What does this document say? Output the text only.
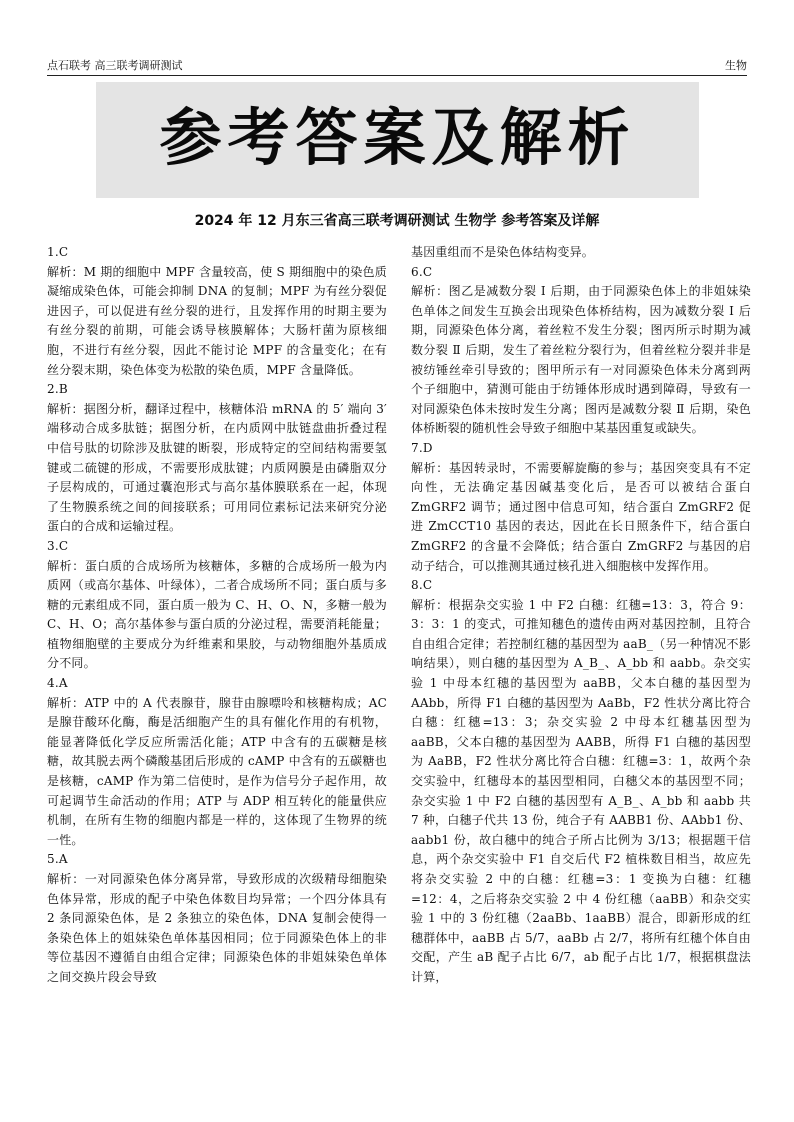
点石联考 高三联考调研测试	生物
参考答案及解析
2024 年 12 月东三省高三联考调研测试 生物学 参考答案及详解

1.C

解析：M 期的细胞中 MPF 含量较高，使 S 期细胞中的染色质凝缩成染色体，可能会抑制 DNA 的复制；MPF 为有丝分裂促进因子，可以促进有丝分裂的进行，且发挥作用的时期主要为有丝分裂的前期，可能会诱导核膜解体；大肠杆菌为原核细胞，不进行有丝分裂，因此不能讨论 MPF 的含量变化；在有丝分裂末期，染色体变为松散的染色质，MPF 含量降低。

2.B

解析：据图分析，翻译过程中，核糖体沿 mRNA 的 5′ 端向 3′ 端移动合成多肽链；据图分析，在内质网中肽链盘曲折叠过程中信号肽的切除涉及肽键的断裂，形成特定的空间结构需要氢键或二硫键的形成，不需要形成肽键；内质网膜是由磷脂双分子层构成的，可通过囊泡形式与高尔基体膜联系在一起，体现了生物膜系统之间的间接联系；可用同位素标记法来研究分泌蛋白的合成和运输过程。

3.C

解析：蛋白质的合成场所为核糖体，多糖的合成场所一般为内质网（或高尔基体、叶绿体），二者合成场所不同；蛋白质与多糖的元素组成不同，蛋白质一般为 C、H、O、N，多糖一般为 C、H、O；高尔基体参与蛋白质的分泌过程，需要消耗能量；植物细胞壁的主要成分为纤维素和果胶，与动物细胞外基质成分不同。

4.A

解析：ATP 中的 A 代表腺苷，腺苷由腺嘌呤和核糖构成；AC 是腺苷酸环化酶，酶是活细胞产生的具有催化作用的有机物，能显著降低化学反应所需活化能；ATP 中含有的五碳糖是核糖，故其脱去两个磷酸基团后形成的 cAMP 中含有的五碳糖也是核糖，cAMP 作为第二信使时，是作为信号分子起作用，故可起调节生命活动的作用；ATP 与 ADP 相互转化的能量供应机制，在所有生物的细胞内都是一样的，这体现了生物界的统一性。

5.A

解析：一对同源染色体分离异常，导致形成的次级精母细胞染色体异常，形成的配子中染色体数目均异常；一个四分体具有 2 条同源染色体，是 2 条独立的染色体，DNA 复制会使得一条染色体上的姐妹染色单体基因相同；位于同源染色体上的非等位基因不遵循自由组合定律；同源染色体的非姐妹染色单体之间交换片段会导致

基因重组而不是染色体结构变异。

6.C

解析：图乙是减数分裂 Ⅰ 后期，由于同源染色体上的非姐妹染色单体之间发生互换会出现染色体桥结构，因为减数分裂 Ⅰ 后期，同源染色体分离，着丝粒不发生分裂；图丙所示时期为减数分裂 Ⅱ 后期，发生了着丝粒分裂行为，但着丝粒分裂并非是被纺锤丝牵引导致的；图甲所示有一对同源染色体未分离到两个子细胞中，猜测可能由于纺锤体形成时遇到障碍，导致有一对同源染色体未按时发生分离；图丙是减数分裂 Ⅱ 后期，染色体桥断裂的随机性会导致子细胞中某基因重复或缺失。

7.D

解析：基因转录时，不需要解旋酶的参与；基因突变具有不定向性，无法确定基因碱基变化后，是否可以被结合蛋白 ZmGRF2 调节；通过图中信息可知，结合蛋白 ZmGRF2 促进 ZmCCT10 基因的表达，因此在长日照条件下，结合蛋白 ZmGRF2 的含量不会降低；结合蛋白 ZmGRF2 与基因的启动子结合，可以推测其通过核孔进入细胞核中发挥作用。

8.C

解析：根据杂交实验 1 中 F2 白穗：红穗=13：3，符合 9：3：3：1 的变式，可推知穗色的遗传由两对基因控制，且符合自由组合定律；若控制红穗的基因型为 aaB_（另一种情况不影响结果），则白穗的基因型为 A_B_、A_bb 和 aabb。杂交实验 1 中母本红穗的基因型为 aaBB，父本白穗的基因型为 AAbb，所得 F1 白穗的基因型为 AaBb，F2 性状分离比符合白穗：红穗=13：3；杂交实验 2 中母本红穗基因型为 aaBB，父本白穗的基因型为 AABB，所得 F1 白穗的基因型为 AaBB，F2 性状分离比符合白穗：红穗=3：1，故两个杂交实验中，红穗母本的基因型相同，白穗父本的基因型不同；杂交实验 1 中 F2 白穗的基因型有 A_B_、A_bb 和 aabb 共 7 种，白穗子代共 13 份，纯合子有 AABB1 份、AAbb1 份、aabb1 份，故白穗中的纯合子所占比例为 3/13；根据题干信息，两个杂交实验中 F1 自交后代 F2 植株数目相当，故应先将杂交实验 2 中的白穗：红穗=3：1 变换为白穗：红穗=12：4，之后将杂交实验 2 中 4 份红穗（aaBB）和杂交实验 1 中的 3 份红穗（2aaBb、1aaBB）混合，即新形成的红穗群体中，aaBB 占 5/7，aaBb 占 2/7，将所有红穗个体自由交配，产生 aB 配子占比 6/7，ab 配子占比 1/7，根据棋盘法计算，
